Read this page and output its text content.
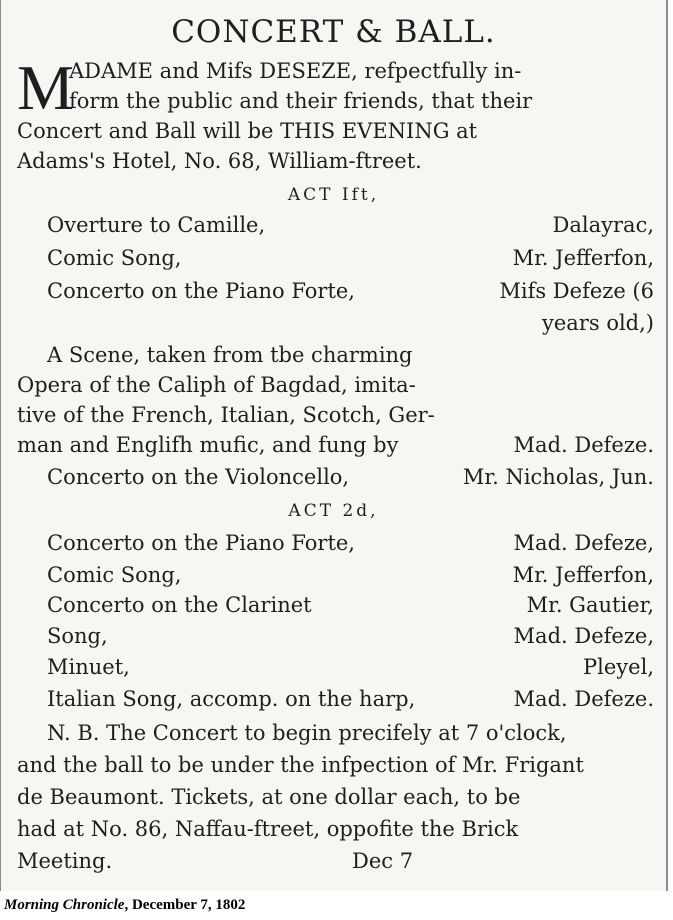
CONCERT & BALL.
M
ADAME and Mifs DESEZE, refpectfully in-
form the public and their friends, that their
Concert and Ball will be THIS EVENING at
Adams's Hotel, No. 68, William-ftreet.
ACT Ift,
Overture to Camille,	Dalayrac,
Comic Song,	Mr. Jefferfon,
Concerto on the Piano Forte,	Mifs Defeze (6
years old,)
A Scene, taken from tbe charming
Opera of the Caliph of Bagdad, imita-
tive of the French, Italian, Scotch, Ger-
man and Englifh mufic, and fung by	Mad. Defeze.
Concerto on the Violoncello,	Mr. Nicholas, Jun.
ACT 2d,
Concerto on the Piano Forte,	Mad. Defeze,
Comic Song,	Mr. Jefferfon,
Concerto on the Clarinet	Mr. Gautier,
Song,	Mad. Defeze,
Minuet,	Pleyel,
Italian Song, accomp. on the harp,	Mad. Defeze.
N. B. The Concert to begin precifely at 7 o'clock,
and the ball to be under the infpection of Mr. Frigant
de Beaumont. Tickets, at one dollar each, to be
had at No. 86, Naffau-ftreet, oppofite the Brick
Meeting.	Dec 7
Morning Chronicle, December 7, 1802
